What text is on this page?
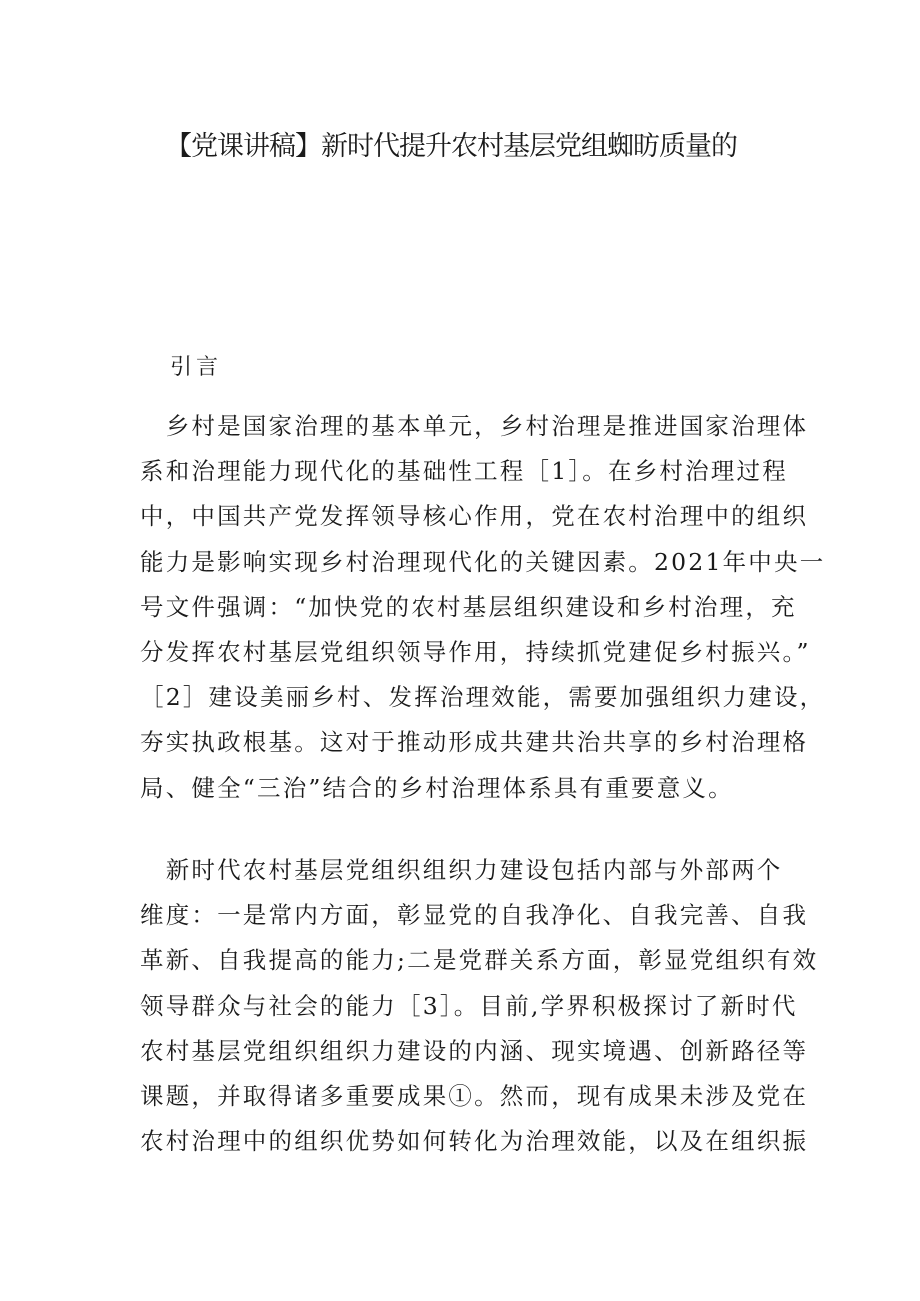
【党课讲稿】新时代提升农村基层党组蜘昉质量的
引言
　乡村是国家治理的基本单元，乡村治理是推进国家治理体
系和治理能力现代化的基础性工程［1］。在乡村治理过程
中，中国共产党发挥领导核心作用，党在农村治理中的组织
能力是影响实现乡村治理现代化的关键因素。2021年中央一
号文件强调：“加快党的农村基层组织建设和乡村治理，充
分发挥农村基层党组织领导作用，持续抓党建促乡村振兴。”
［2］建设美丽乡村、发挥治理效能，需要加强组织力建设，
夯实执政根基。这对于推动形成共建共治共享的乡村治理格
局、健全“三治”结合的乡村治理体系具有重要意义。
　新时代农村基层党组织组织力建设包括内部与外部两个
维度：一是常内方面，彰显党的自我净化、自我完善、自我
革新、自我提高的能力;二是党群关系方面，彰显党组织有效
领导群众与社会的能力［3］。目前,学界积极探讨了新时代
农村基层党组织组织力建设的内涵、现实境遇、创新路径等
课题，并取得诸多重要成果①。然而，现有成果未涉及党在
农村治理中的组织优势如何转化为治理效能，以及在组织振
